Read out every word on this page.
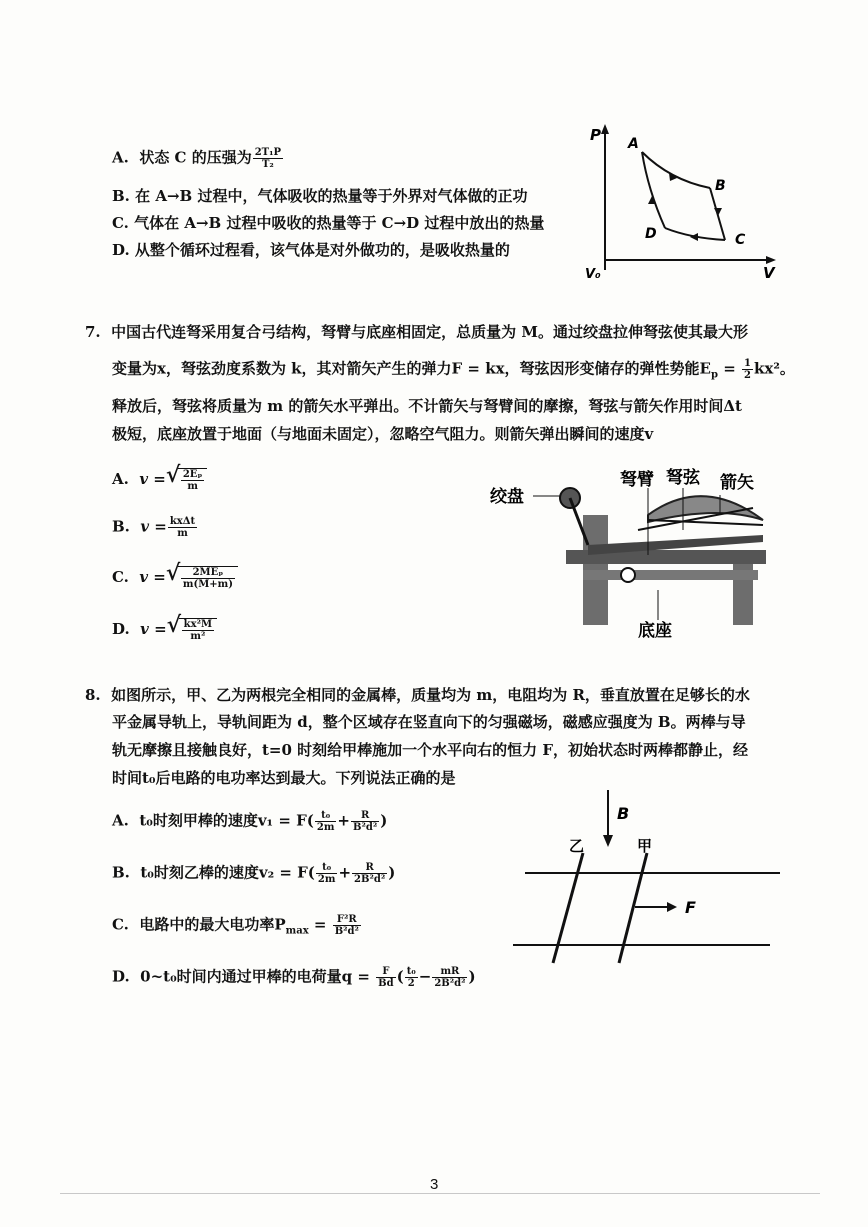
A. 状态 C 的压强为 $\frac{\text{2T₁P}}{\text{T₂}}$
B. 在 A→B 过程中，气体吸收的热量等于外界对气体做的正功
C. 气体在 A→B 过程中吸收的热量等于 C→D 过程中放出的热量
D. 从整个循环过程看，该气体是对外做功的，是吸收热量的
P
V
V₀
A
B
C
D
7. 中国古代连弩采用复合弓结构，弩臂与底座相固定，总质量为 M。通过绞盘拉伸弩弦使其最大形
变量为x，弩弦劲度系数为 k，其对箭矢产生的弹力F = kx，弩弦因形变储存的弹性势能$E_p = \frac{1}{2} kx^2$。
释放后，弩弦将质量为 m 的箭矢水平弹出。不计箭矢与弩臂间的摩擦，弩弦与箭矢作用时间Δt
极短，底座放置于地面（与地面未固定），忽略空气阻力。则箭矢弹出瞬间的速度v
A. v = √ $\frac{\text{2Eₚ}}{m}$
B. $v = \frac{\text{kxΔt}}{m}$
C. v = √ $\frac{\text{2MEₚ}}{m(M+m)}$
D. v = √ $\frac{\text{kx²M}}{\text{m²}}$
绞盘
弩臂 弩弦 箭矢
底座
8. 如图所示，甲、乙为两根完全相同的金属棒，质量均为 m，电阻均为 R，垂直放置在足够长的水
平金属导轨上，导轨间距为 d，整个区域存在竖直向下的匀强磁场，磁感应强度为 B。两棒与导
轨无摩擦且接触良好，t=0 时刻给甲棒施加一个水平向右的恒力 F，初始状态时两棒都静止，经
时间t₀后电路的电功率达到最大。下列说法正确的是
A. t₀时刻甲棒的速度$v_1 = F( \frac{\text{t₀}}{2m} + \frac{R}{\text{B²d²}}$ )
B. t₀时刻乙棒的速度$v_2 = F( \frac{\text{t₀}}{2m} + \frac{R}{\text{2B²d²}}$ )
C. 电路中的最大电功率$P_{max} = \frac{\text{F²R}}{\text{B²d²}}$
D. 0~t₀时间内通过甲棒的电荷量$q = \frac{F}{Bd}$ ( $\frac{\text{t₀}}{2} - \frac{mR}{\text{2B²d²}}$ )
B
乙	甲
F
3
